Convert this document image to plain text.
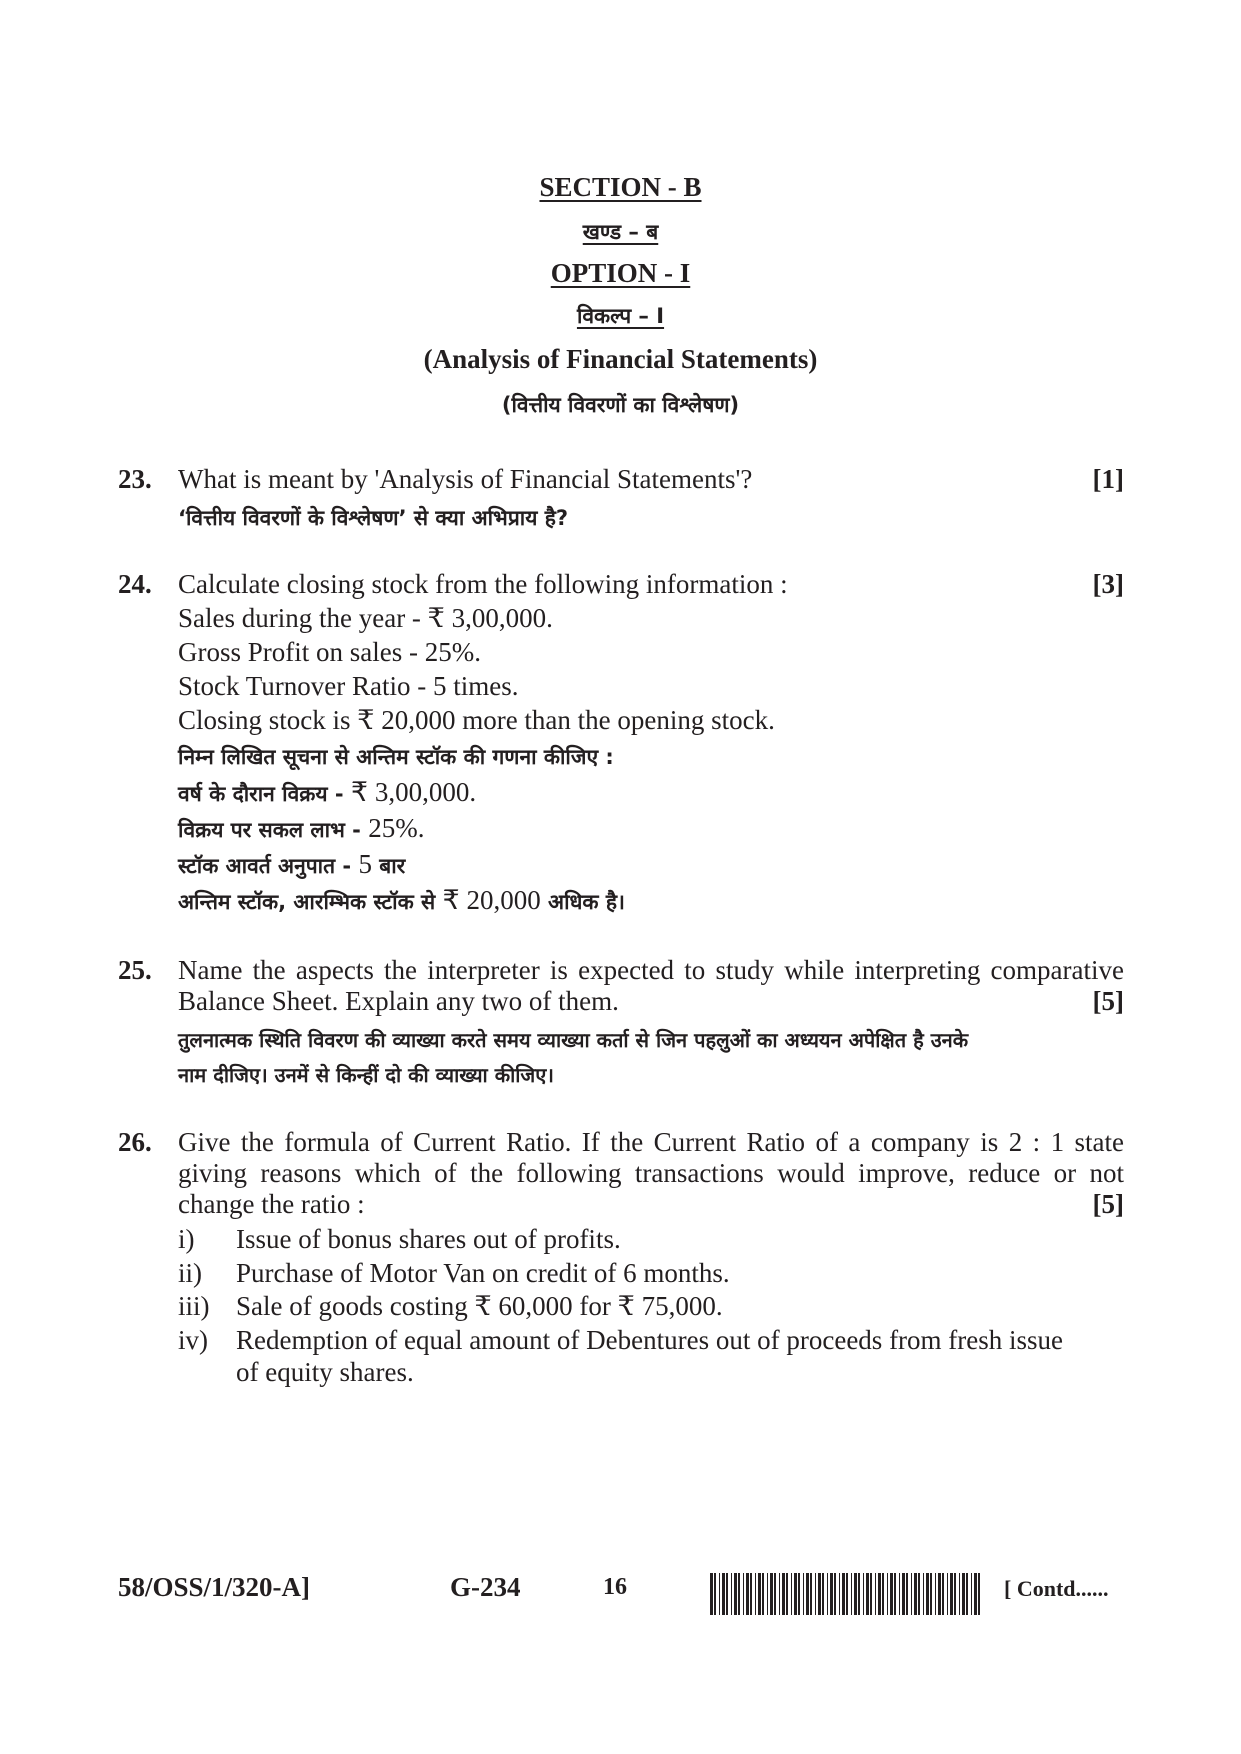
SECTION - B
खण्ड – ब
OPTION - I
विकल्प – I
(Analysis of Financial Statements)
(वित्तीय विवरणों का विश्लेषण)
23. What is meant by 'Analysis of Financial Statements'?	[1]
‘वित्तीय विवरणों के विश्लेषण’ से क्या अभिप्राय है?
24. Calculate closing stock from the following information :	[3]
Sales during the year - ₹ 3,00,000.
Gross Profit on sales - 25%.
Stock Turnover Ratio - 5 times.
Closing stock is ₹ 20,000 more than the opening stock.
निम्न लिखित सूचना से अन्तिम स्टॉक की गणना कीजिए :
वर्ष के दौरान विक्रय - ₹ 3,00,000.
विक्रय पर सकल लाभ - 25%.
स्टॉक आवर्त अनुपात - 5 बार
अन्तिम स्टॉक, आरम्भिक स्टॉक से ₹ 20,000 अधिक है।
25. Name the aspects the interpreter is expected to study while interpreting comparative
Balance Sheet. Explain any two of them.	[5]
तुलनात्मक स्थिति विवरण की व्याख्या करते समय व्याख्या कर्ता से जिन पहलुओं का अध्ययन अपेक्षित है उनके
नाम दीजिए। उनमें से किन्हीं दो की व्याख्या कीजिए।
26. Give the formula of Current Ratio. If the Current Ratio of a company is 2 : 1 state
giving reasons which of the following transactions would improve, reduce or not
change the ratio :	[5]
i) Issue of bonus shares out of profits.
ii) Purchase of Motor Van on credit of 6 months.
iii) Sale of goods costing ₹ 60,000 for ₹ 75,000.
iv) Redemption of equal amount of Debentures out of proceeds from fresh issue
of equity shares.
58/OSS/1/320-A]	G-234	16	[ Contd......
